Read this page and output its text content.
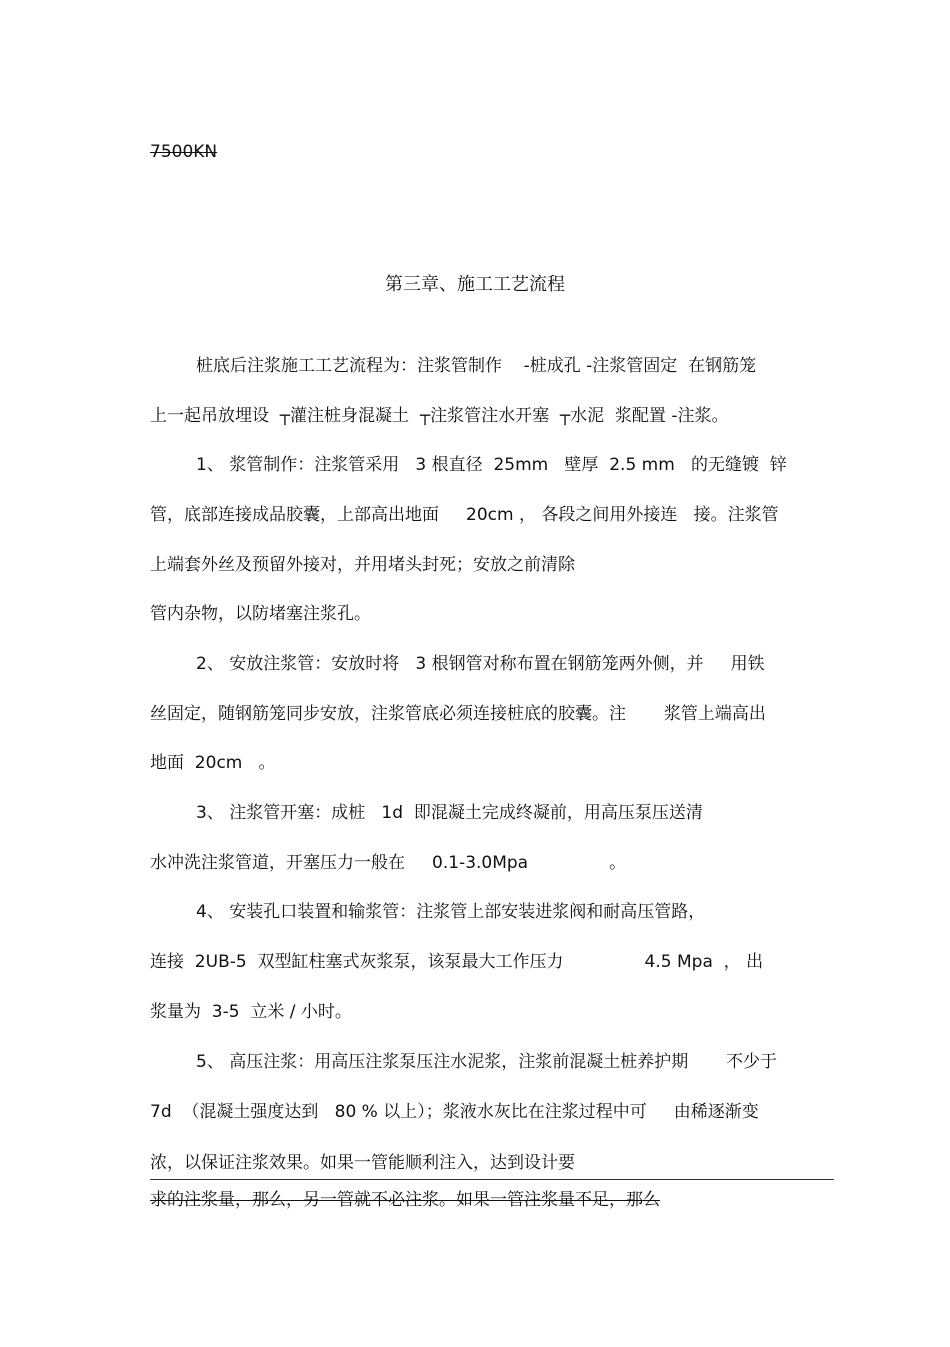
7500KN
第三章、施工工艺流程
桩底后注浆施工工艺流程为：注浆管制作    -桩成孔 -注浆管固定  在钢筋笼
上一起吊放埋设  ┬灌注桩身混凝土  ┬注浆管注水开塞  ┬水泥  浆配置 -注浆。
1、 浆管制作：注浆管采用   3 根直径  25mm   壁厚  2.5 mm   的无缝镀  锌
管，底部连接成品胶囊，上部高出地面     20cm ， 各段之间用外接连   接。注浆管
上端套外丝及预留外接对，并用堵头封死；安放之前清除
管内杂物，以防堵塞注浆孔。
2、 安放注浆管：安放时将   3 根钢管对称布置在钢筋笼两外侧，并     用铁
丝固定，随钢筋笼同步安放，注浆管底必须连接桩底的胶囊。注       浆管上端高出
地面  20cm   。
3、 注浆管开塞：成桩   1d  即混凝土完成终凝前，用高压泵压送清
水冲洗注浆管道，开塞压力一般在     0.1-3.0Mpa               。
4、 安装孔口装置和输浆管：注浆管上部安装进浆阀和耐高压管路，
连接  2UB-5  双型缸柱塞式灰浆泵，该泵最大工作压力               4.5 Mpa  ， 出
浆量为  3-5  立米 / 小时。
5、 高压注浆：用高压注浆泵压注水泥浆，注浆前混凝土桩养护期       不少于
7d  （混凝土强度达到   80 % 以上）；浆液水灰比在注浆过程中可     由稀逐渐变
浓，以保证注浆效果。如果一管能顺利注入，达到设计要
求的注浆量，那么，另一管就不必注浆。如果一管注浆量不足，那么
